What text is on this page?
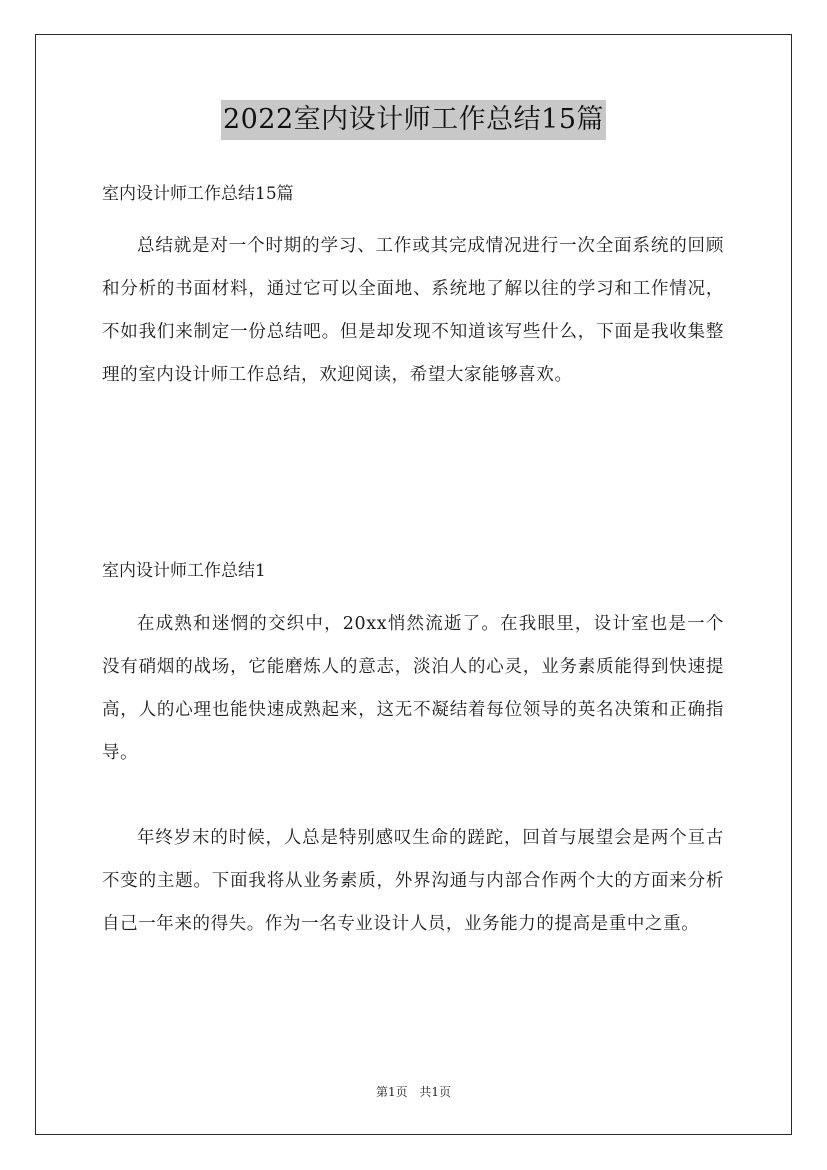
2022室内设计师工作总结15篇
室内设计师工作总结15篇

总结就是对一个时期的学习、工作或其完成情况进行一次全面系统的回顾和分析的书面材料，通过它可以全面地、系统地了解以往的学习和工作情况，不如我们来制定一份总结吧。但是却发现不知道该写些什么，下面是我收集整理的室内设计师工作总结，欢迎阅读，希望大家能够喜欢。

室内设计师工作总结1

在成熟和迷惘的交织中，20xx悄然流逝了。在我眼里，设计室也是一个没有硝烟的战场，它能磨炼人的意志，淡泊人的心灵，业务素质能得到快速提高，人的心理也能快速成熟起来，这无不凝结着每位领导的英名决策和正确指导。

年终岁末的时候，人总是特别感叹生命的蹉跎，回首与展望会是两个亘古不变的主题。下面我将从业务素质，外界沟通与内部合作两个大的方面来分析自己一年来的得失。作为一名专业设计人员，业务能力的提高是重中之重。

第1页 共1页
